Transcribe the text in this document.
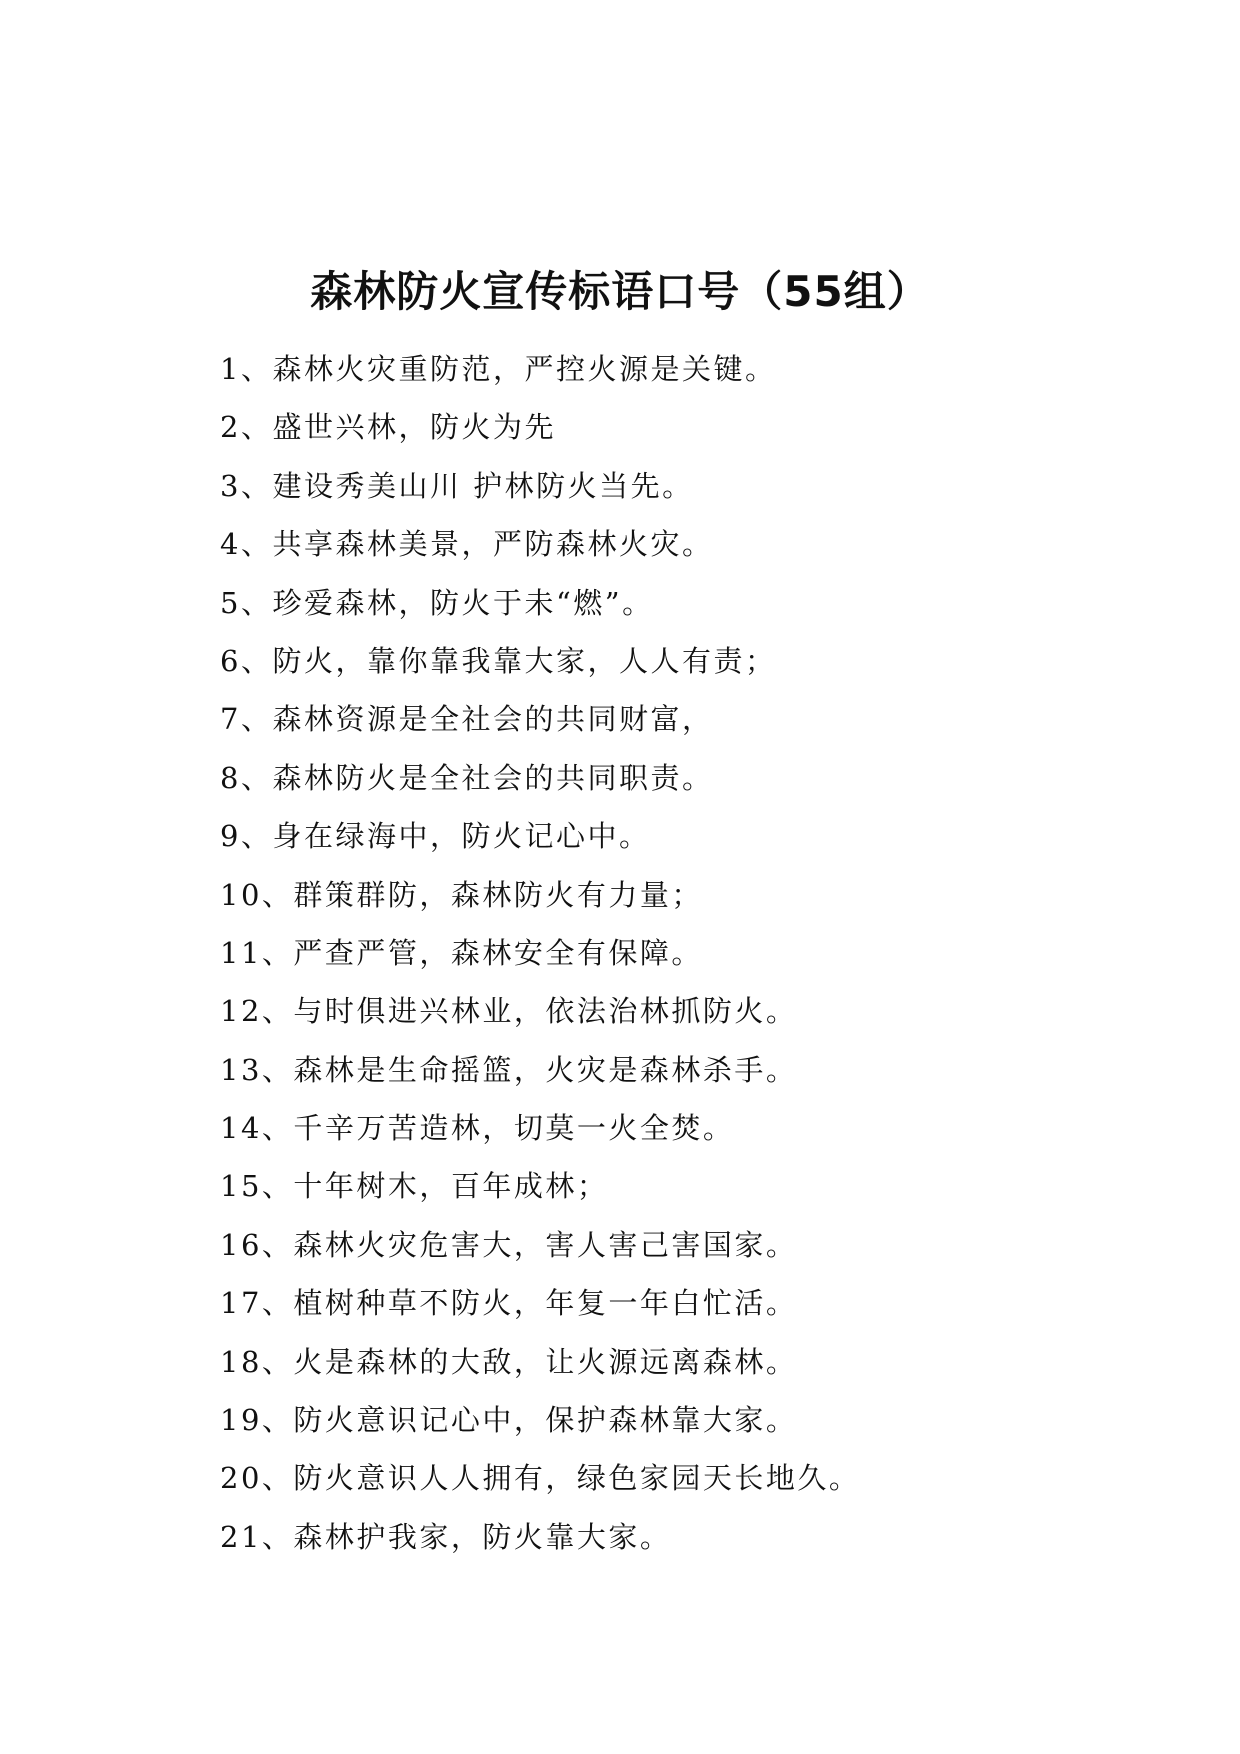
森林防火宣传标语口号（55组）
1、森林火灾重防范，严控火源是关键。
2、盛世兴林，防火为先
3、建设秀美山川 护林防火当先。
4、共享森林美景，严防森林火灾。
5、珍爱森林，防火于未“燃”。
6、防火，靠你靠我靠大家，人人有责；
7、森林资源是全社会的共同财富，
8、森林防火是全社会的共同职责。
9、身在绿海中，防火记心中。
10、群策群防，森林防火有力量；
11、严查严管，森林安全有保障。
12、与时俱进兴林业，依法治林抓防火。
13、森林是生命摇篮，火灾是森林杀手。
14、千辛万苦造林，切莫一火全焚。
15、十年树木，百年成林；
16、森林火灾危害大，害人害己害国家。
17、植树种草不防火，年复一年白忙活。
18、火是森林的大敌，让火源远离森林。
19、防火意识记心中，保护森林靠大家。
20、防火意识人人拥有，绿色家园天长地久。
21、森林护我家，防火靠大家。
